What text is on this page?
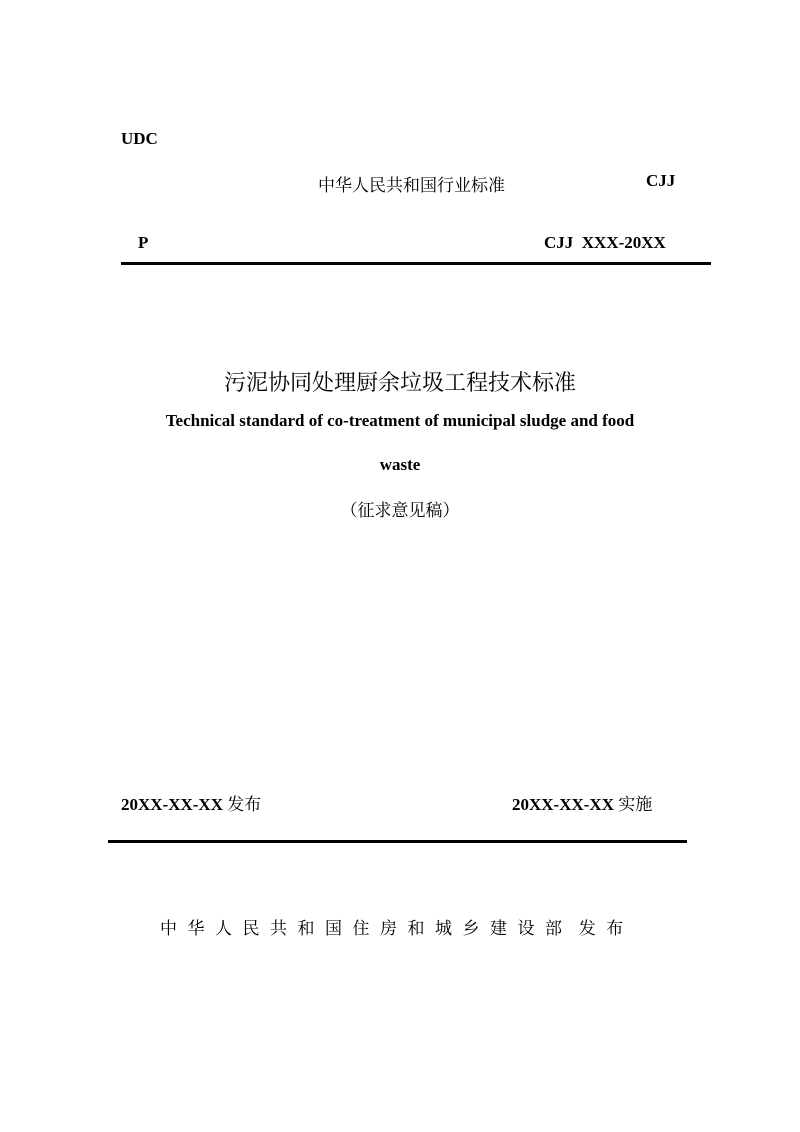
UDC
中华人民共和国行业标准	CJJ
P	CJJ  XXX-20XX
污泥协同处理厨余垃圾工程技术标准
Technical standard of co-treatment of municipal sludge and food
waste
（征求意见稿）
20XX-XX-XX 发布	20XX-XX-XX 实施
中华人民共和国住房和城乡建设部 发布
